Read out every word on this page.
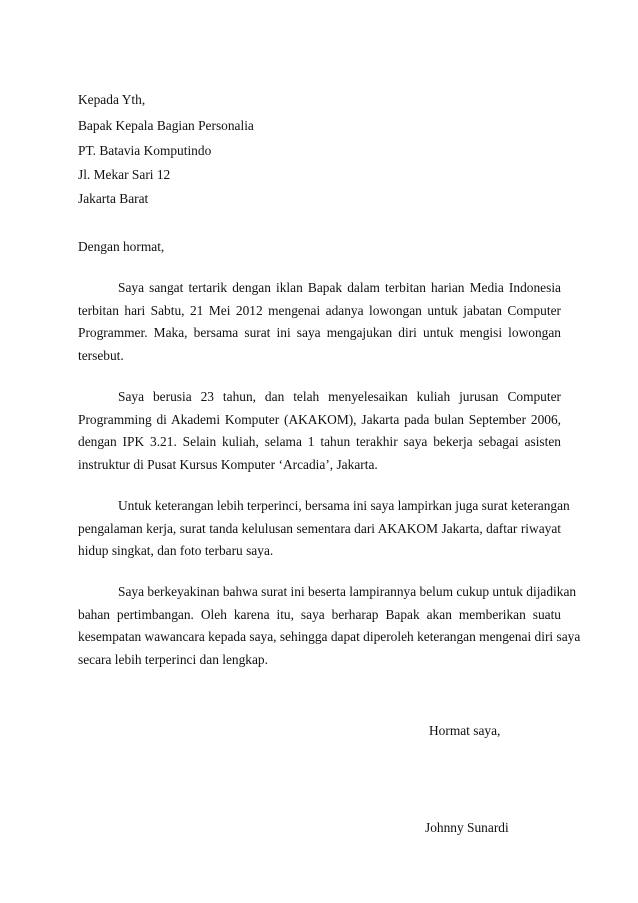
Kepada Yth,
Bapak Kepala Bagian Personalia
PT. Batavia Komputindo
Jl. Mekar Sari 12
Jakarta Barat
Dengan hormat,
Saya sangat tertarik dengan iklan Bapak dalam terbitan harian Media Indonesia
terbitan hari Sabtu, 21 Mei 2012 mengenai adanya lowongan untuk jabatan Computer
Programmer. Maka, bersama surat ini saya mengajukan diri untuk mengisi lowongan
tersebut.
Saya berusia 23 tahun, dan telah menyelesaikan kuliah jurusan Computer
Programming di Akademi Komputer (AKAKOM), Jakarta pada bulan September 2006,
dengan IPK 3.21. Selain kuliah, selama 1 tahun terakhir saya bekerja sebagai asisten
instruktur di Pusat Kursus Komputer ‘Arcadia’, Jakarta.
Untuk keterangan lebih terperinci, bersama ini saya lampirkan juga surat keterangan
pengalaman kerja, surat tanda kelulusan sementara dari AKAKOM Jakarta, daftar riwayat
hidup singkat, dan foto terbaru saya.
Saya berkeyakinan bahwa surat ini beserta lampirannya belum cukup untuk dijadikan
bahan pertimbangan. Oleh karena itu, saya berharap Bapak akan memberikan suatu
kesempatan wawancara kepada saya, sehingga dapat diperoleh keterangan mengenai diri saya
secara lebih terperinci dan lengkap.
Hormat saya,
Johnny Sunardi
